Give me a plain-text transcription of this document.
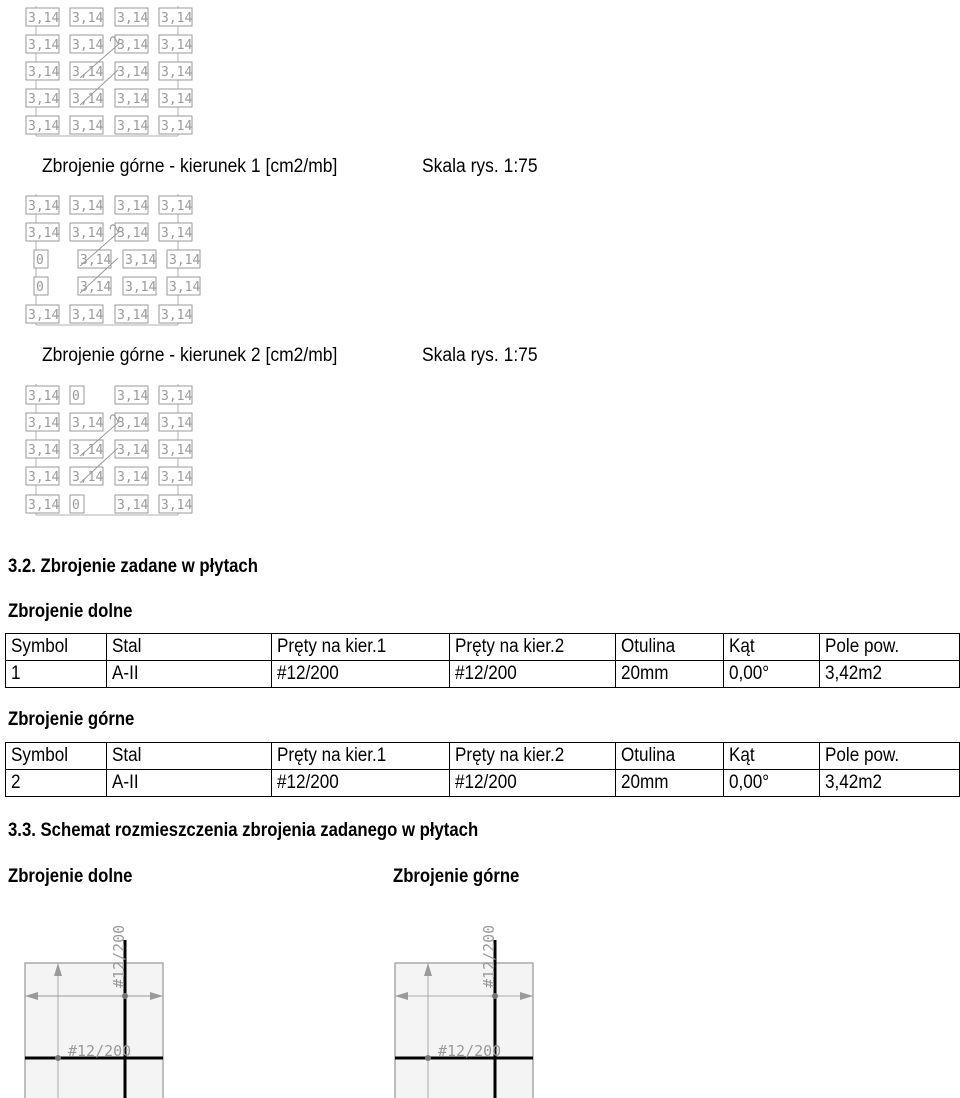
3,14 3,14 3,14 3,14
3,14 3,14 3,14 3,14
3,14 3,14 3,14 3,14
3,14 3,14 3,14 3,14
3,14 3,14 3,14 3,14
2
Zbrojenie górne - kierunek 1 [cm2/mb]	Skala rys. 1:75
3,14 3,14 3,14 3,14
3,14 3,14 3,14 3,14
0	3,14 3,14 3,14
0	3,14 3,14 3,14
3,14 3,14 3,14 3,14
2
Zbrojenie górne - kierunek 2 [cm2/mb]	Skala rys. 1:75
3,14 0	3,14 3,14
3,14 3,14 3,14 3,14
3,14 3,14 3,14 3,14
3,14 3,14 3,14 3,14
3,14 0	3,14 3,14
2
3.2. Zbrojenie zadane w płytach
Zbrojenie dolne
Symbol	Stal	Pręty na kier.1	Pręty na kier.2	Otulina	Kąt	Pole pow.
1	A-II	#12/200	#12/200	20mm	0,00°	3,42m2
Zbrojenie górne
Symbol	Stal	Pręty na kier.1	Pręty na kier.2	Otulina	Kąt	Pole pow.
2	A-II	#12/200	#12/200	20mm	0,00°	3,42m2
3.3. Schemat rozmieszczenia zbrojenia zadanego w płytach
Zbrojenie dolne	Zbrojenie górne
#12/200
#12/200
#12/200
#12/200
